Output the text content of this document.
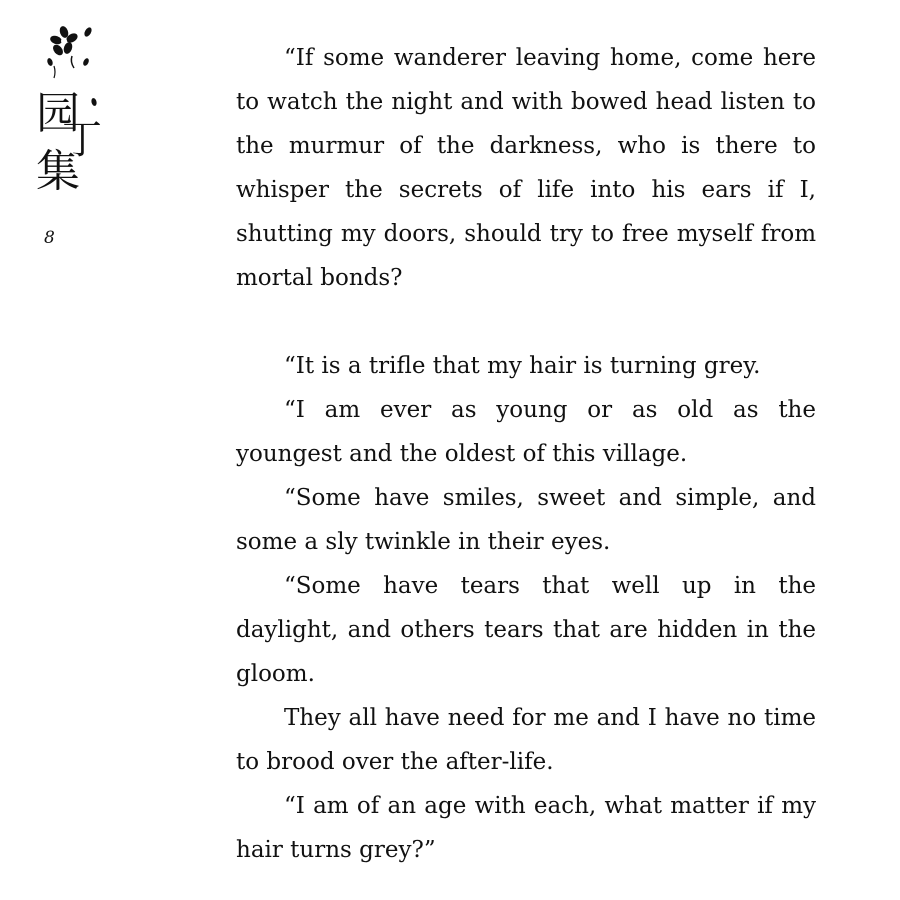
园
集
丁
8

“If some wanderer leaving home, come here to watch the night and with bowed head listen to the murmur of the darkness, who is there to whisper the secrets of life into his ears if I, shutting my doors, should try to free myself from mortal bonds?

“It is a trifle that my hair is turning grey.

“I am ever as young or as old as the youngest and the oldest of this village.

“Some have smiles, sweet and simple, and some a sly twinkle in their eyes.

“Some have tears that well up in the daylight, and others tears that are hidden in the gloom.

They all have need for me and I have no time to brood over the after-life.

“I am of an age with each, what matter if my hair turns grey?”
